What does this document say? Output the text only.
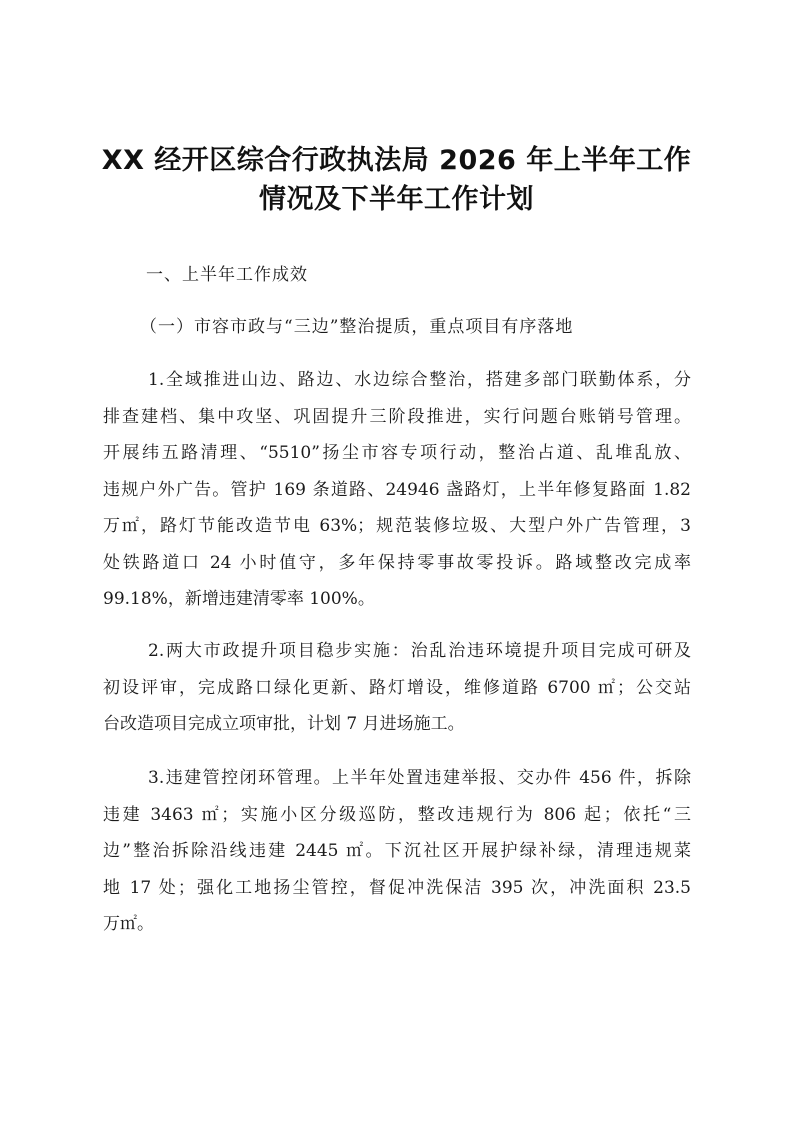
XX 经开区综合行政执法局 2026 年上半年工作
情况及下半年工作计划
一、上半年工作成效
（一）市容市政与“三边”整治提质，重点项目有序落地
1.全域推进山边、路边、水边综合整治，搭建多部门联勤体系，分
排查建档、集中攻坚、巩固提升三阶段推进，实行问题台账销号管理。
开展纬五路清理、“5510”扬尘市容专项行动，整治占道、乱堆乱放、
违规户外广告。管护 169 条道路、24946 盏路灯，上半年修复路面 1.82
万㎡，路灯节能改造节电 63%；规范装修垃圾、大型户外广告管理，3
处铁路道口 24 小时值守，多年保持零事故零投诉。路域整改完成率
99.18%，新增违建清零率 100%。
2.两大市政提升项目稳步实施：治乱治违环境提升项目完成可研及
初设评审，完成路口绿化更新、路灯增设，维修道路 6700 ㎡；公交站
台改造项目完成立项审批，计划 7 月进场施工。
3.违建管控闭环管理。上半年处置违建举报、交办件 456 件，拆除
违建 3463 ㎡；实施小区分级巡防，整改违规行为 806 起；依托“三
边”整治拆除沿线违建 2445 ㎡。下沉社区开展护绿补绿，清理违规菜
地 17 处；强化工地扬尘管控，督促冲洗保洁 395 次，冲洗面积 23.5
万㎡。
